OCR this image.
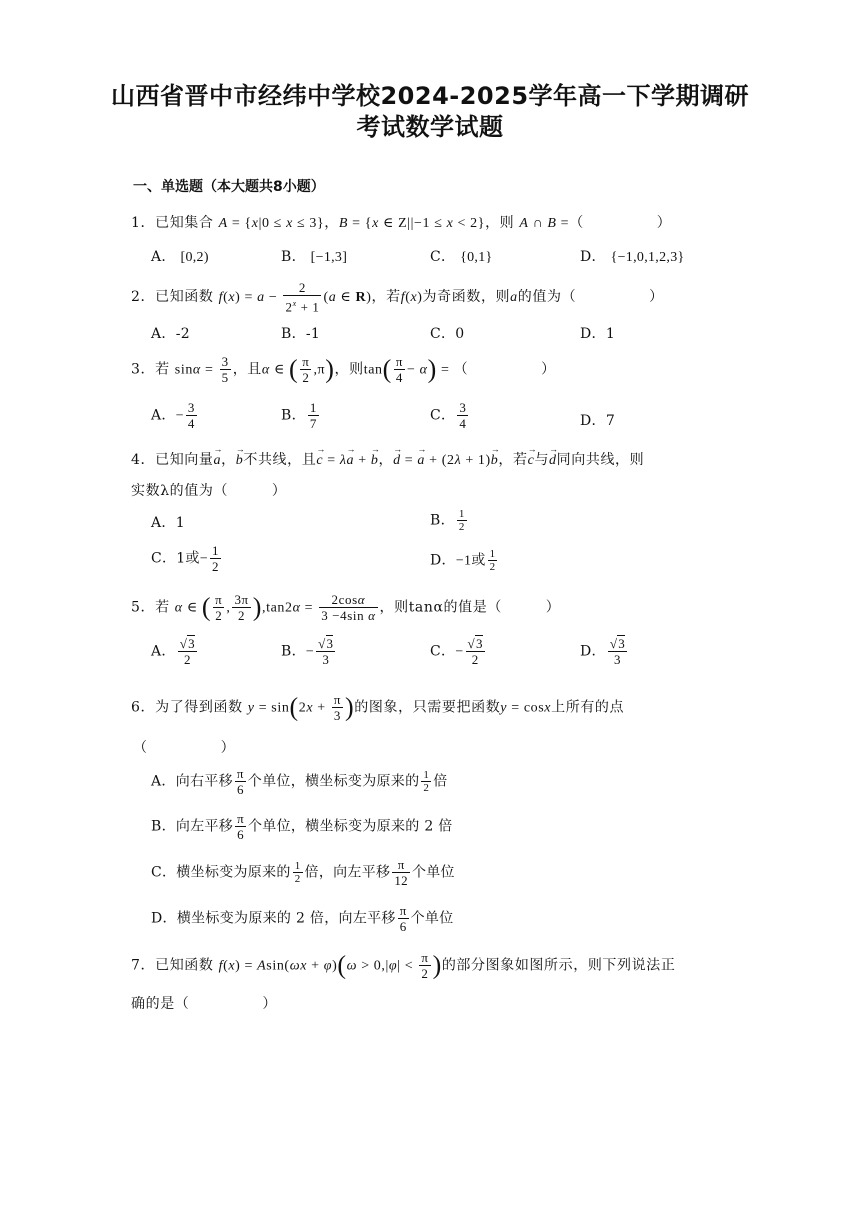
山西省晋中市经纬中学校2024-2025学年高一下学期调研
考试数学试题
一、单选题（本大题共8小题）
1．已知集合 A = {x|0 ≤ x ≤ 3}，B = {x ∈ Z||−1 ≤ x < 2}，则 A ∩ B =（　　　　　）
A． [0,2)	B． [−1,3]	C． {0,1}	D． {−1,0,1,2,3}
2．已知函数 $f(x) = a - \frac{2}{2^x + 1} (a$ ∈ R)，若f(x)为奇函数，则a的值为（　　　　　）
A．-2	B．-1	C．0	D．1
3．若 $\sin\alpha = \frac{3}{5}$ ，且α ∈ ( $\frac{\pi}{2} ,\pi$)，则$\tan( \frac{\pi}{4} - \alpha)$ = （　　　　　）
A．− $\frac{3}{4}$	B． $\frac{1}{7}$	C． $\frac{3}{4}$	D．7
4．已知向量→ a，→ b不共线，且→ c = λ→ a + → b，→ d = → a + (2λ + 1)→ b，若→ c与→ d同向共线，则
实数λ的值为（　　　）
A．1	B． $\frac{1}{2}$
C．1或− $\frac{1}{2}$	D．−1或 $\frac{1}{2}$
5．若 α ∈ ( $\frac{\pi}{2}$ , $\frac{3\pi}{2} ),\tan 2\alpha = \frac{2\cos\alpha}{\text{3 −4sin α}}$ ，则tanα的值是（　　　）
A． $\frac{√3}{2}$	B．− $\frac{√3}{3}$	C．− $\frac{√3}{2}$	D． $\frac{√3}{3}$
6．为了得到函数 $y = \sin(2x + \frac{\pi}{3}$ )的图象，只需要把函数y = cosx上所有的点
（　　　　　）
A．向右平移 $\frac{\pi}{6}$ 个单位，横坐标变为原来的 $\frac{1}{2}$ 倍
B．向左平移 $\frac{\pi}{6}$ 个单位，横坐标变为原来的 2 倍
C．横坐标变为原来的 $\frac{1}{2}$ 倍，向左平移 $\frac{\pi}{12}$ 个单位
D．横坐标变为原来的 2 倍，向左平移 $\frac{\pi}{6}$ 个单位
7．已知函数 $f(x) = Asin(\omega x + \varphi)(\omega > 0,|\varphi| < \frac{\pi}{2}$ )的部分图象如图所示，则下列说法正
确的是（　　　　　）
